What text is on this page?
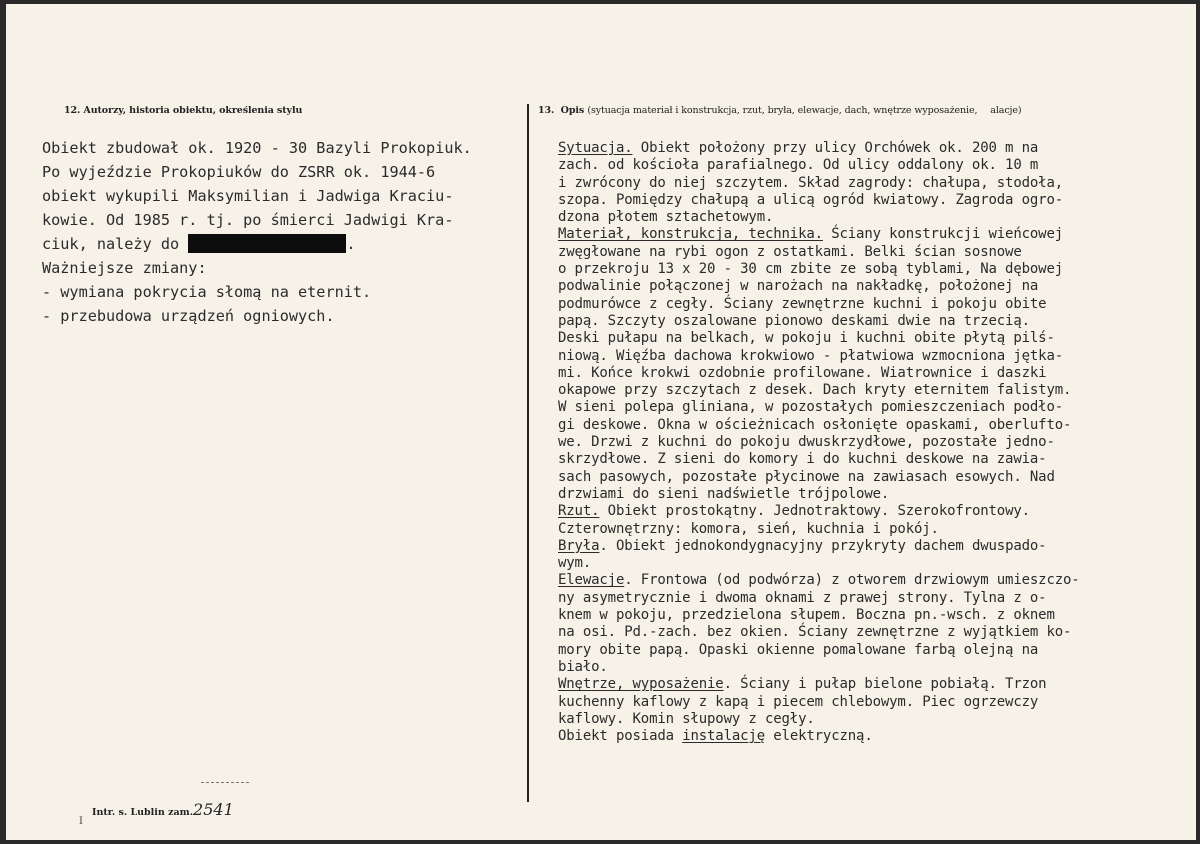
12. Autorzy, historia obiektu, określenia stylu	13. Opis (sytuacja materiał i konstrukcja, rzut, bryła, elewacje, dach, wnętrze wyposażenie, alacje)
Obiekt zbudował ok. 1920 - 30 Bazyli Prokopiuk.
Po wyjeździe Prokopiuków do ZSRR ok. 1944-6
obiekt wykupili Maksymilian i Jadwiga Kraciu-
kowie. Od 1985 r. tj. po śmierci Jadwigi Kra-
ciuk, należy do	.
Ważniejsze zmiany:
- wymiana pokrycia słomą na eternit.
- przebudowa urządzeń ogniowych.
Sytuacja. Obiekt położony przy ulicy Orchówek ok. 200 m na
zach. od kościoła parafialnego. Od ulicy oddalony ok. 10 m
i zwrócony do niej szczytem. Skład zagrody: chałupa, stodoła,
szopa. Pomiędzy chałupą a ulicą ogród kwiatowy. Zagroda ogro-
dzona płotem sztachetowym.
Materiał, konstrukcja, technika. Ściany konstrukcji wieńcowej
zwęgłowane na rybi ogon z ostatkami. Belki ścian sosnowe
o przekroju 13 x 20 - 30 cm zbite ze sobą tyblami, Na dębowej
podwalinie połączonej w narożach na nakładkę, położonej na
podmurówce z cegły. Ściany zewnętrzne kuchni i pokoju obite
papą. Szczyty oszalowane pionowo deskami dwie na trzecią.
Deski pułapu na belkach, w pokoju i kuchni obite płytą pilś-
niową. Więźba dachowa krokwiowo - płatwiowa wzmocniona jętka-
mi. Końce krokwi ozdobnie profilowane. Wiatrownice i daszki
okapowe przy szczytach z desek. Dach kryty eternitem falistym.
W sieni polepa gliniana, w pozostałych pomieszczeniach podło-
gi deskowe. Okna w ościeżnicach osłonięte opaskami, oberlufto-
we. Drzwi z kuchni do pokoju dwuskrzydłowe, pozostałe jedno-
skrzydłowe. Z sieni do komory i do kuchni deskowe na zawia-
sach pasowych, pozostałe płycinowe na zawiasach esowych. Nad
drzwiami do sieni nadświetle trójpolowe.
Rzut. Obiekt prostokątny. Jednotraktowy. Szerokofrontowy.
Czterownętrzny: komora, sień, kuchnia i pokój.
Bryła. Obiekt jednokondygnacyjny przykryty dachem dwuspado-
wym.
Elewacje. Frontowa (od podwórza) z otworem drzwiowym umieszczo-
ny asymetrycznie i dwoma oknami z prawej strony. Tylna z o-
knem w pokoju, przedzielona słupem. Boczna pn.-wsch. z oknem
na osi. Pd.-zach. bez okien. Ściany zewnętrzne z wyjątkiem ko-
mory obite papą. Opaski okienne pomalowane farbą olejną na
biało.
Wnętrze, wyposażenie. Ściany i pułap bielone pobiałą. Trzon
kuchenny kaflowy z kapą i piecem chlebowym. Piec ogrzewczy
kaflowy. Komin słupowy z cegły.
Obiekt posiada instalację elektryczną.
Intr. s. Lublin zam.2541
I
